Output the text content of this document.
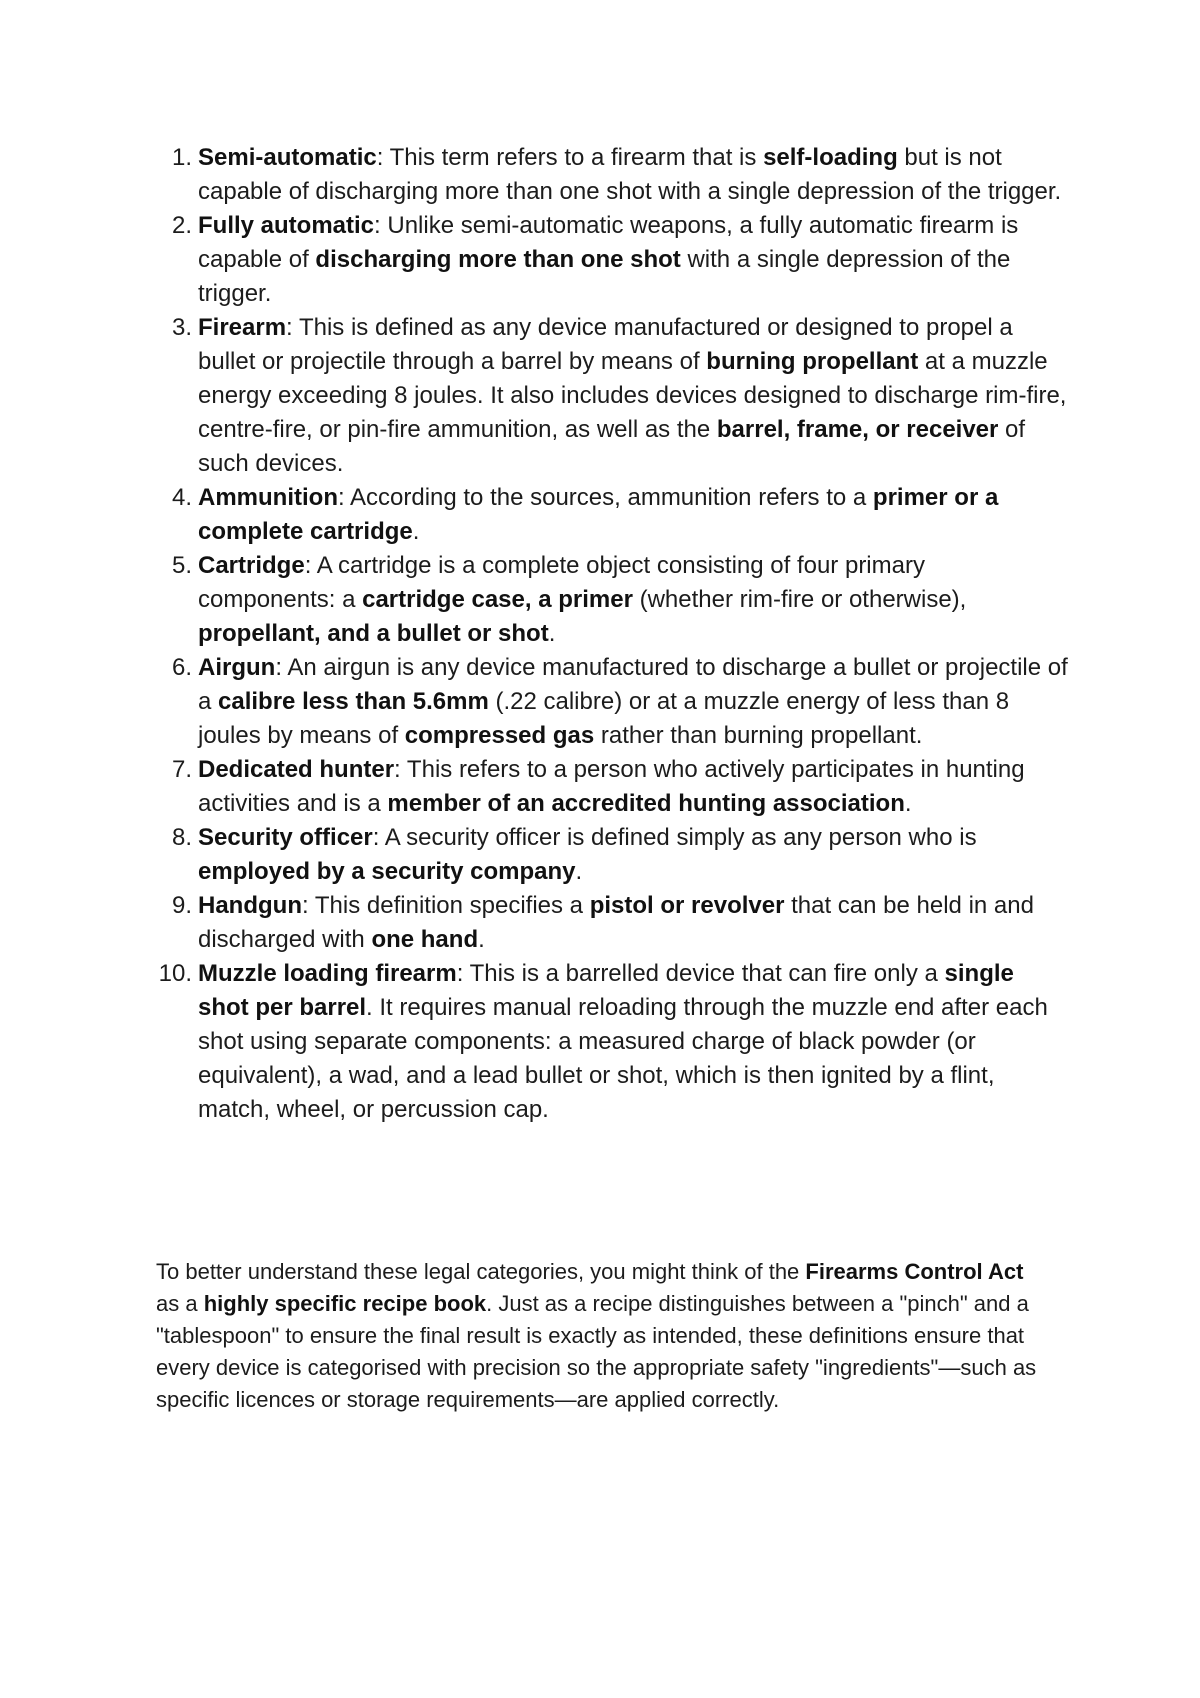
1. Semi-automatic: This term refers to a firearm that is self-loading but is not capable of discharging more than one shot with a single depression of the trigger.
2. Fully automatic: Unlike semi-automatic weapons, a fully automatic firearm is capable of discharging more than one shot with a single depression of the trigger.
3. Firearm: This is defined as any device manufactured or designed to propel a bullet or projectile through a barrel by means of burning propellant at a muzzle energy exceeding 8 joules. It also includes devices designed to discharge rim-fire, centre-fire, or pin-fire ammunition, as well as the barrel, frame, or receiver of such devices.
4. Ammunition: According to the sources, ammunition refers to a primer or a complete cartridge.
5. Cartridge: A cartridge is a complete object consisting of four primary components: a cartridge case, a primer (whether rim-fire or otherwise), propellant, and a bullet or shot.
6. Airgun: An airgun is any device manufactured to discharge a bullet or projectile of a calibre less than 5.6mm (.22 calibre) or at a muzzle energy of less than 8 joules by means of compressed gas rather than burning propellant.
7. Dedicated hunter: This refers to a person who actively participates in hunting activities and is a member of an accredited hunting association.
8. Security officer: A security officer is defined simply as any person who is employed by a security company.
9. Handgun: This definition specifies a pistol or revolver that can be held in and discharged with one hand.
10. Muzzle loading firearm: This is a barrelled device that can fire only a single shot per barrel. It requires manual reloading through the muzzle end after each shot using separate components: a measured charge of black powder (or equivalent), a wad, and a lead bullet or shot, which is then ignited by a flint, match, wheel, or percussion cap.

To better understand these legal categories, you might think of the Firearms Control Act as a highly specific recipe book. Just as a recipe distinguishes between a "pinch" and a "tablespoon" to ensure the final result is exactly as intended, these definitions ensure that every device is categorised with precision so the appropriate safety "ingredients"—such as specific licences or storage requirements—are applied correctly.
